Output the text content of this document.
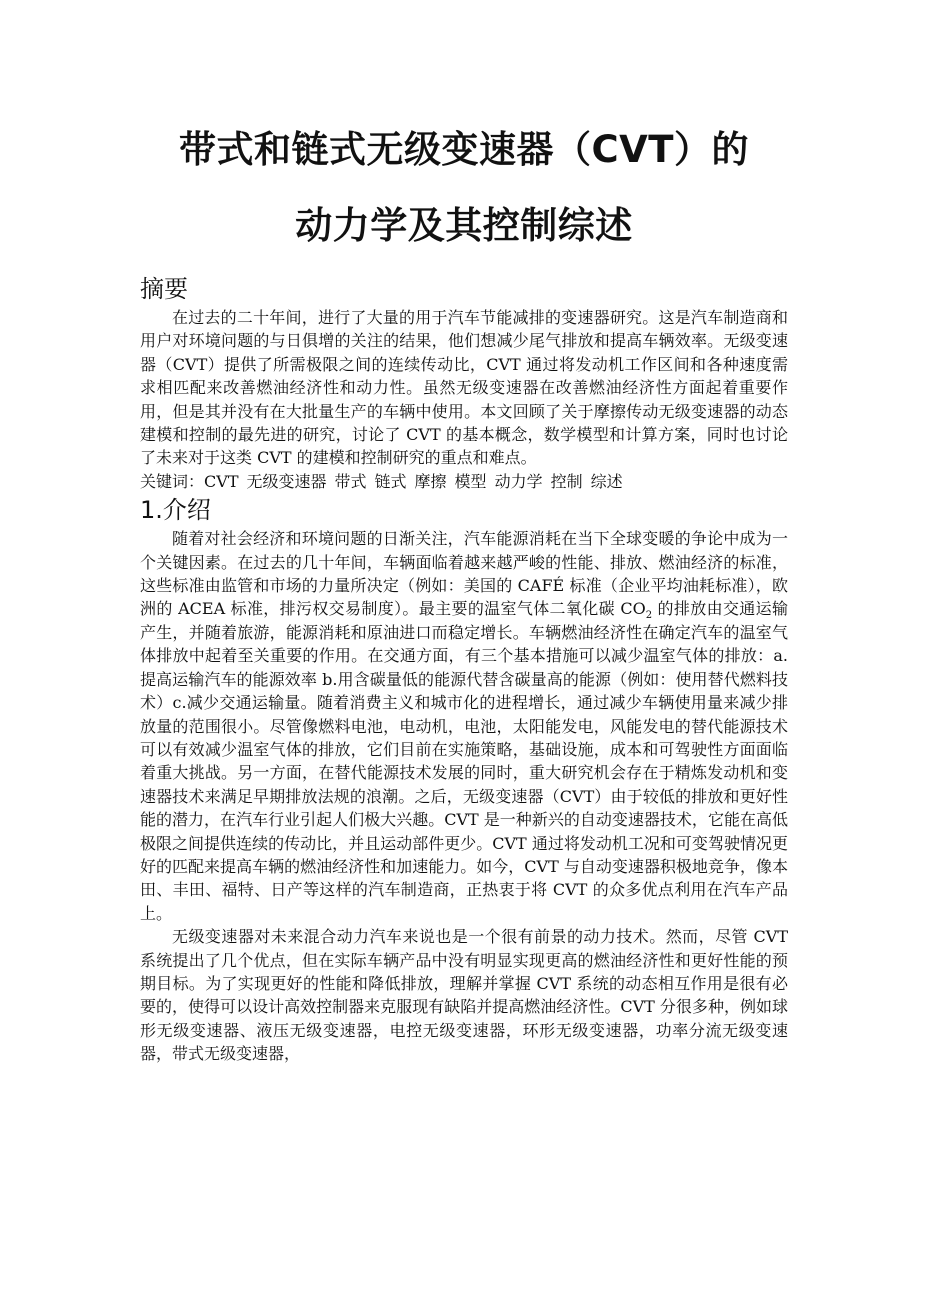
带式和链式无级变速器（CVT）的
动力学及其控制综述
摘要

在过去的二十年间，进行了大量的用于汽车节能减排的变速器研究。这是汽车制造商和用户对环境问题的与日俱增的关注的结果，他们想减少尾气排放和提高车辆效率。无级变速器（CVT）提供了所需极限之间的连续传动比，CVT 通过将发动机工作区间和各种速度需求相匹配来改善燃油经济性和动力性。虽然无级变速器在改善燃油经济性方面起着重要作用，但是其并没有在大批量生产的车辆中使用。本文回顾了关于摩擦传动无级变速器的动态建模和控制的最先进的研究，讨论了 CVT 的基本概念，数学模型和计算方案，同时也讨论了未来对于这类 CVT 的建模和控制研究的重点和难点。

关键词：CVT 无级变速器 带式 链式 摩擦 模型 动力学 控制 综述

1.介绍

随着对社会经济和环境问题的日渐关注，汽车能源消耗在当下全球变暖的争论中成为一个关键因素。在过去的几十年间，车辆面临着越来越严峻的性能、排放、燃油经济的标准，这些标准由监管和市场的力量所决定（例如：美国的 CAFÉ 标准（企业平均油耗标准），欧洲的 ACEA 标准，排污权交易制度）。最主要的温室气体二氧化碳 $CO_2$ 的排放由交通运输产生，并随着旅游，能源消耗和原油进口而稳定增长。车辆燃油经济性在确定汽车的温室气体排放中起着至关重要的作用。在交通方面，有三个基本措施可以减少温室气体的排放：a.提高运输汽车的能源效率 b.用含碳量低的能源代替含碳量高的能源（例如：使用替代燃料技术）c.减少交通运输量。随着消费主义和城市化的进程增长，通过减少车辆使用量来减少排放量的范围很小。尽管像燃料电池，电动机，电池，太阳能发电，风能发电的替代能源技术可以有效减少温室气体的排放，它们目前在实施策略，基础设施，成本和可驾驶性方面面临着重大挑战。另一方面，在替代能源技术发展的同时，重大研究机会存在于精炼发动机和变速器技术来满足早期排放法规的浪潮。之后，无级变速器（CVT）由于较低的排放和更好性能的潜力，在汽车行业引起人们极大兴趣。CVT 是一种新兴的自动变速器技术，它能在高低极限之间提供连续的传动比，并且运动部件更少。CVT 通过将发动机工况和可变驾驶情况更好的匹配来提高车辆的燃油经济性和加速能力。如今，CVT 与自动变速器积极地竞争，像本田、丰田、福特、日产等这样的汽车制造商，正热衷于将 CVT 的众多优点利用在汽车产品上。

无级变速器对未来混合动力汽车来说也是一个很有前景的动力技术。然而，尽管 CVT 系统提出了几个优点，但在实际车辆产品中没有明显实现更高的燃油经济性和更好性能的预期目标。为了实现更好的性能和降低排放，理解并掌握 CVT 系统的动态相互作用是很有必要的，使得可以设计高效控制器来克服现有缺陷并提高燃油经济性。CVT 分很多种，例如球形无级变速器、液压无级变速器，电控无级变速器，环形无级变速器，功率分流无级变速器，带式无级变速器，
